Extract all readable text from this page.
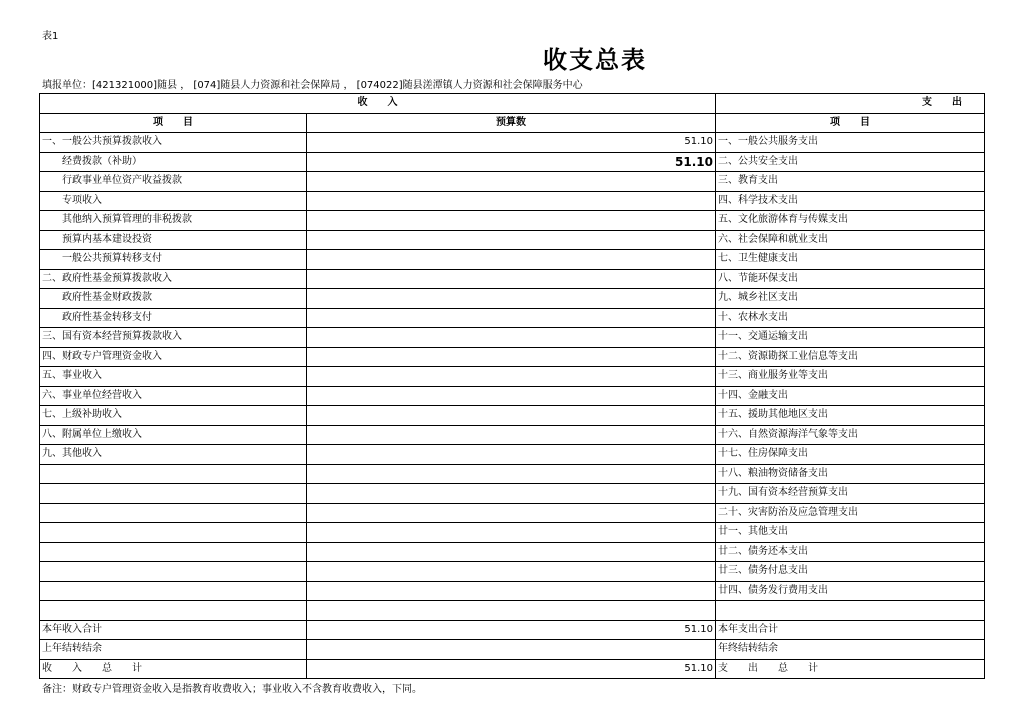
表1
收支总表
填报单位：[421321000]随县 ， [074]随县人力资源和社会保障局 ， [074022]随县溠潭镇人力资源和社会保障服务中心
收　　入		支　　出
项　　目	预算数	项　　目
一、一般公共预算拨款收入	51.10	一、一般公共服务支出
经费拨款（补助）	51.10	二、公共安全支出
行政事业单位资产收益拨款		三、教育支出
专项收入		四、科学技术支出
其他纳入预算管理的非税拨款		五、文化旅游体育与传媒支出
预算内基本建设投资		六、社会保障和就业支出
一般公共预算转移支付		七、卫生健康支出
二、政府性基金预算拨款收入		八、节能环保支出
政府性基金财政拨款		九、城乡社区支出
政府性基金转移支付		十、农林水支出
三、国有资本经营预算拨款收入		十一、交通运输支出
四、财政专户管理资金收入		十二、资源勘探工业信息等支出
五、事业收入		十三、商业服务业等支出
六、事业单位经营收入		十四、金融支出
七、上级补助收入		十五、援助其他地区支出
八、附属单位上缴收入		十六、自然资源海洋气象等支出
九、其他收入		十七、住房保障支出
		十八、粮油物资储备支出
		十九、国有资本经营预算支出
		二十、灾害防治及应急管理支出
		廿一、其他支出
		廿二、债务还本支出
		廿三、债务付息支出
		廿四、债务发行费用支出

本年收入合计	51.10	本年支出合计
上年结转结余		年终结转结余
收　　入　　总　　计	51.10	支　　出　　总　　计
备注：财政专户管理资金收入是指教育收费收入；事业收入不含教育收费收入，下同。
